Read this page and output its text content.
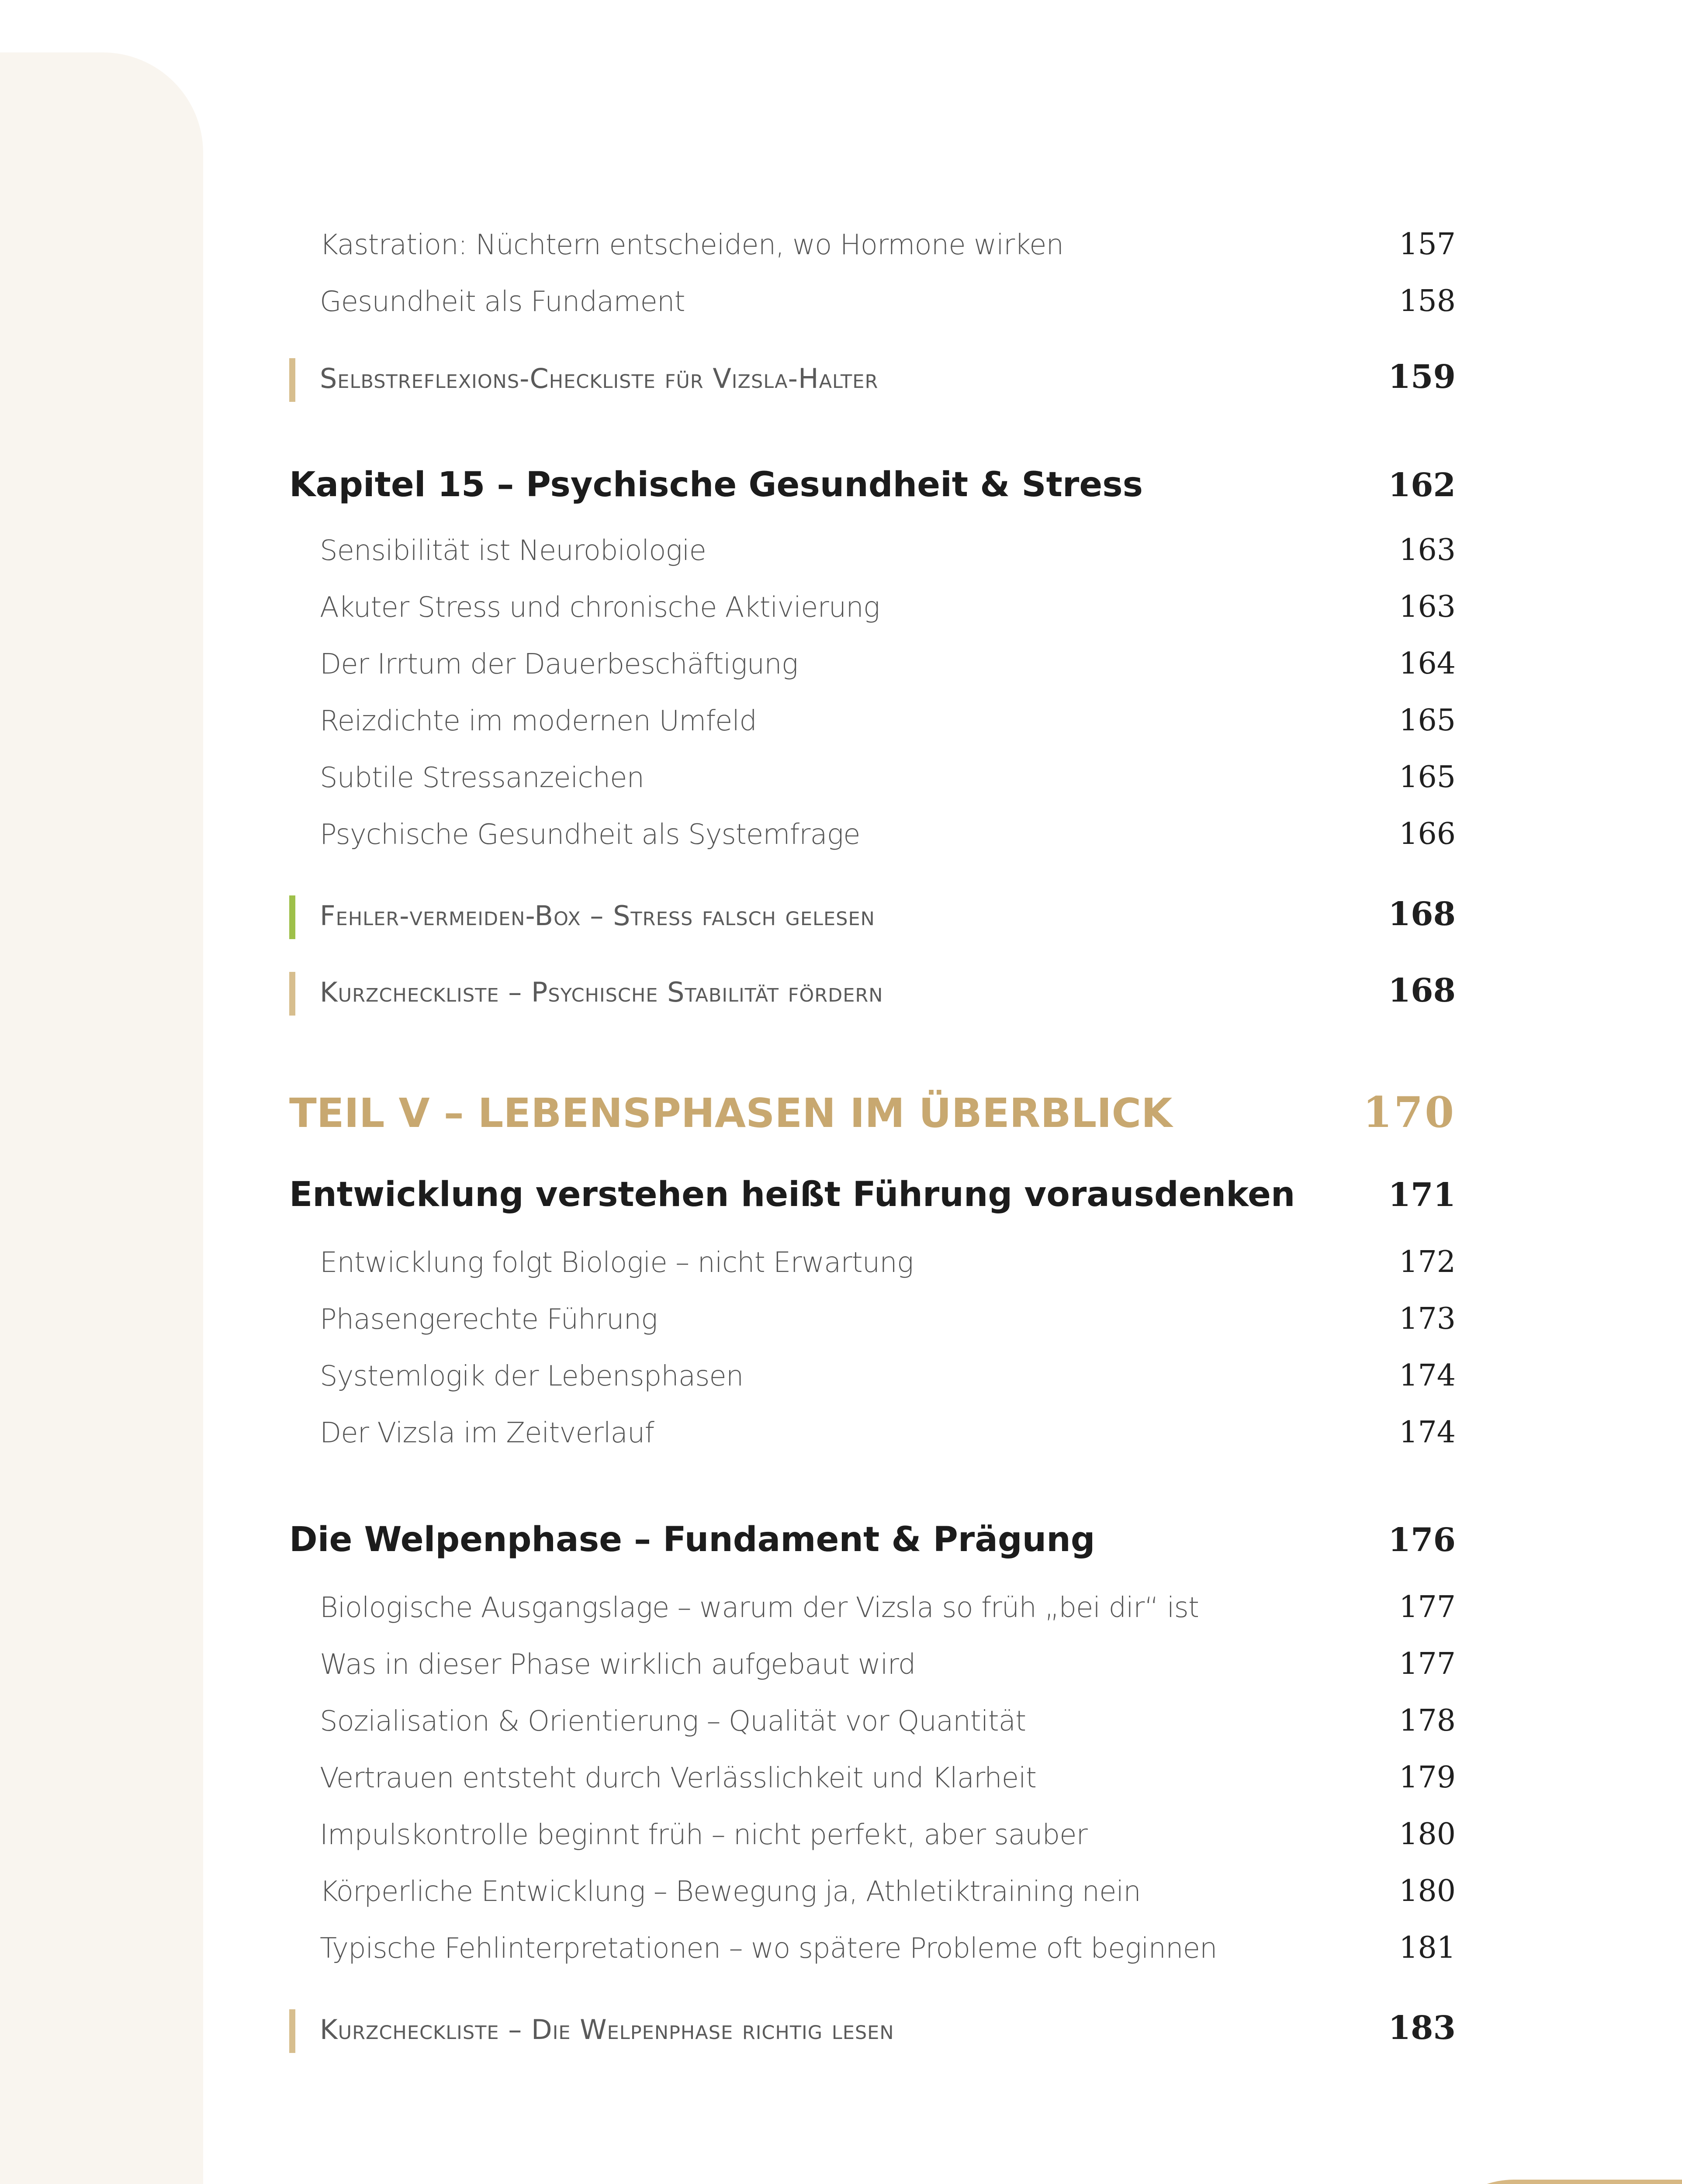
Kastration: Nüchtern entscheiden, wo Hormone wirken	157
Gesundheit als Fundament	158
Selbstreflexions-Checkliste für Vizsla-Halter	159
Kapitel 15 – Psychische Gesundheit & Stress	162
Sensibilität ist Neurobiologie	163
Akuter Stress und chronische Aktivierung	163
Der Irrtum der Dauerbeschäftigung	164
Reizdichte im modernen Umfeld	165
Subtile Stressanzeichen	165
Psychische Gesundheit als Systemfrage	166
Fehler-vermeiden-Box – Stress falsch gelesen	168
Kurzcheckliste – Psychische Stabilität fördern	168
TEIL V – LEBENSPHASEN IM ÜBERBLICK	170
Entwicklung verstehen heißt Führung vorausdenken	171
Entwicklung folgt Biologie – nicht Erwartung	172
Phasengerechte Führung	173
Systemlogik der Lebensphasen	174
Der Vizsla im Zeitverlauf	174
Die Welpenphase – Fundament & Prägung	176
Biologische Ausgangslage – warum der Vizsla so früh „bei dir“ ist	177
Was in dieser Phase wirklich aufgebaut wird	177
Sozialisation & Orientierung – Qualität vor Quantität	178
Vertrauen entsteht durch Verlässlichkeit und Klarheit	179
Impulskontrolle beginnt früh – nicht perfekt, aber sauber	180
Körperliche Entwicklung – Bewegung ja, Athletiktraining nein	180
Typische Fehlinterpretationen – wo spätere Probleme oft beginnen	181
Kurzcheckliste – Die Welpenphase richtig lesen	183
